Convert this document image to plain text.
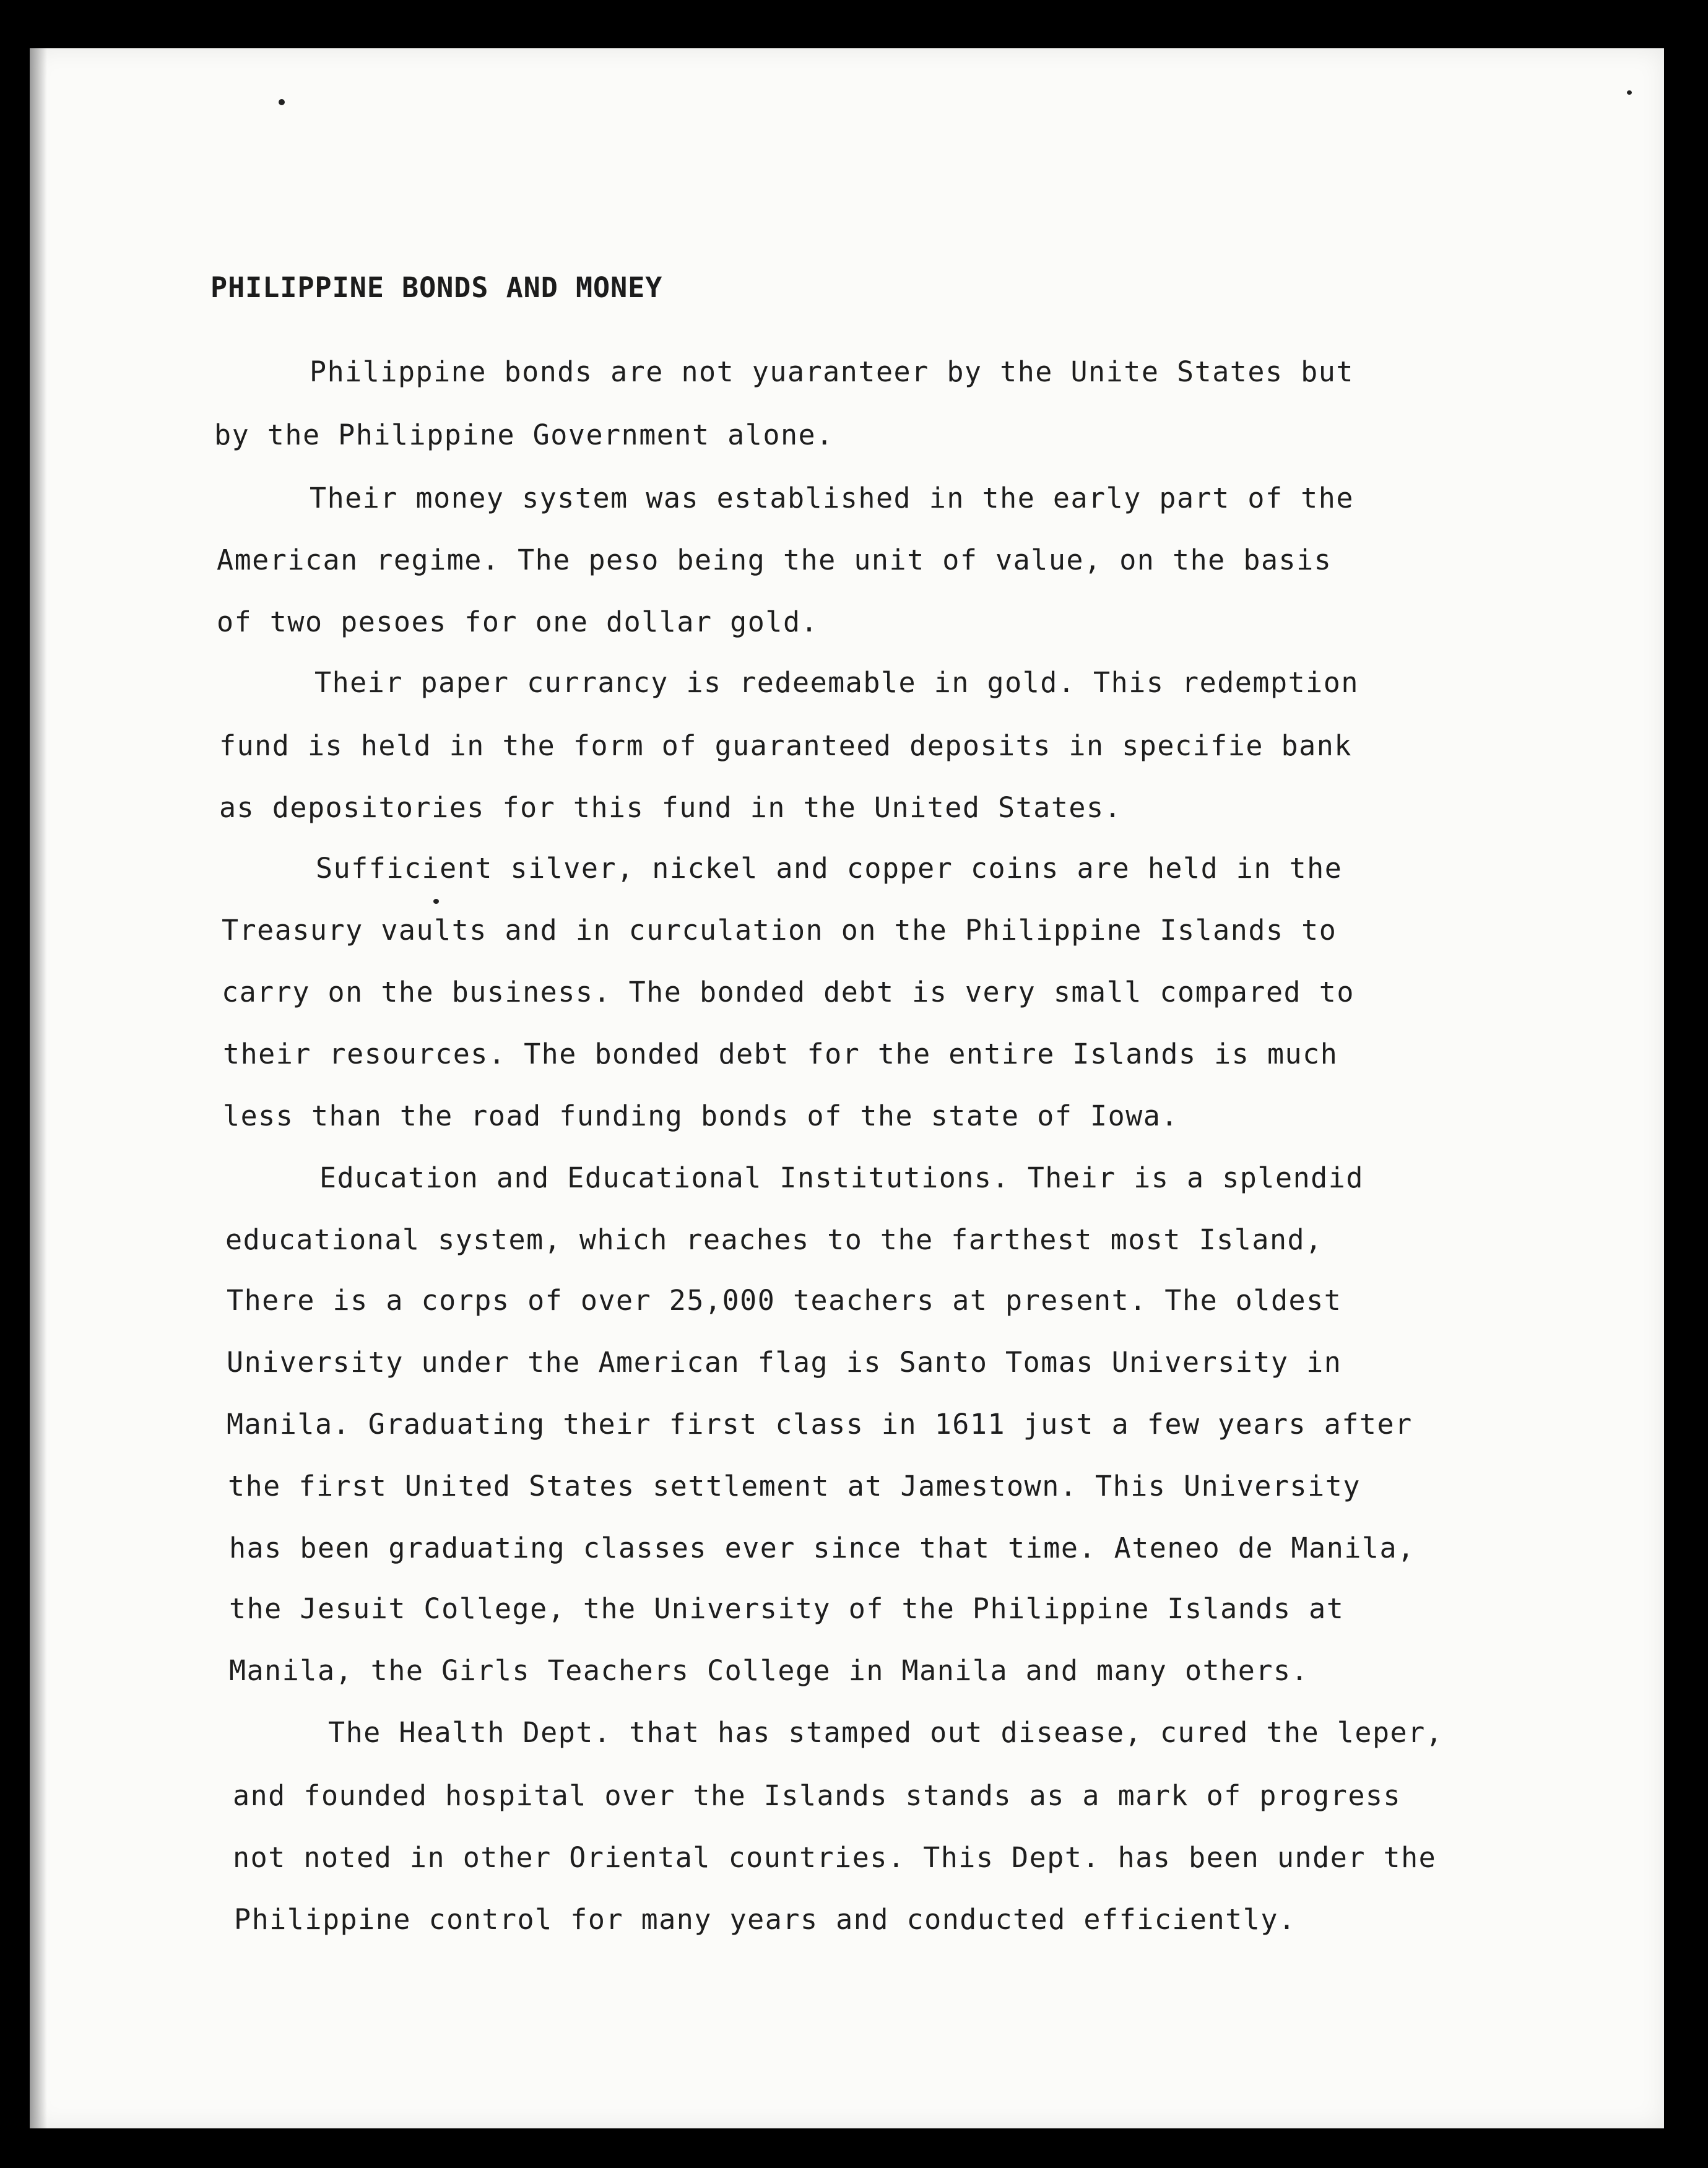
PHILIPPINE BONDS AND MONEY
Philippine bonds are not yuaranteer by the Unite States but
by the Philippine Government alone.
Their money system was established in the early part of the
American regime. The peso being the unit of value, on the basis
of two pesoes for one dollar gold.
Their paper currancy is redeemable in gold. This redemption
fund is held in the form of guaranteed deposits in specifie bank
as depositories for this fund in the United States.
Sufficient silver, nickel and copper coins are held in the
Treasury vaults and in curculation on the Philippine Islands to
carry on the business. The bonded debt is very small compared to
their resources. The bonded debt for the entire Islands is much
less than the road funding bonds of the state of Iowa.
Education and Educational Institutions. Their is a splendid
educational system, which reaches to the farthest most Island,
There is a corps of over 25,000 teachers at present. The oldest
University under the American flag is Santo Tomas University in
Manila. Graduating their first class in 1611 just a few years after
the first United States settlement at Jamestown. This University
has been graduating classes ever since that time. Ateneo de Manila,
the Jesuit College, the University of the Philippine Islands at
Manila, the Girls Teachers College in Manila and many others.
The Health Dept. that has stamped out disease, cured the leper,
and founded hospital over the Islands stands as a mark of progress
not noted in other Oriental countries. This Dept. has been under the
Philippine control for many years and conducted efficiently.
